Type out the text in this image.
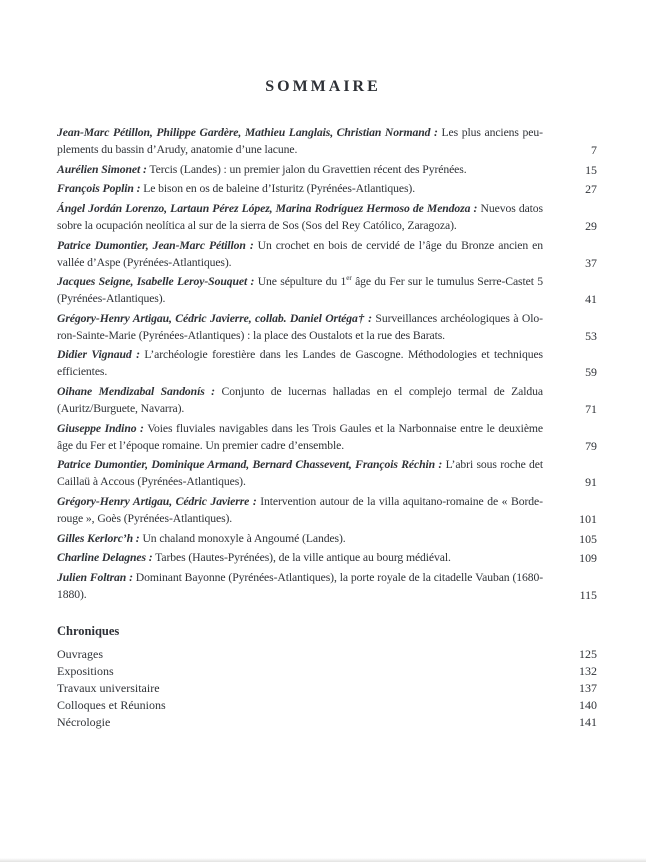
SOMMAIRE
Jean-Marc Pétillon, Philippe Gardère, Mathieu Langlais, Christian Normand : Les plus anciens peuplements du bassin d’Arudy, anatomie d’une lacune.	7
Aurélien Simonet : Tercis (Landes) : un premier jalon du Gravettien récent des Pyrénées.	15
François Poplin : Le bison en os de baleine d’Isturitz (Pyrénées-Atlantiques).	27
Ángel Jordán Lorenzo, Lartaun Pérez López, Marina Rodríguez Hermoso de Mendoza : Nuevos datos sobre la ocupación neolítica al sur de la sierra de Sos (Sos del Rey Católico, Zaragoza).	29
Patrice Dumontier, Jean-Marc Pétillon : Un crochet en bois de cervidé de l’âge du Bronze ancien en vallée d’Aspe (Pyrénées-Atlantiques).	37
Jacques Seigne, Isabelle Leroy-Souquet : Une sépulture du 1er âge du Fer sur le tumulus Serre-Castet 5 (Pyrénées-Atlantiques).	41
Grégory-Henry Artigau, Cédric Javierre, collab. Daniel Ortéga† : Surveillances archéologiques à Oloron-Sainte-Marie (Pyrénées-Atlantiques) : la place des Oustalots et la rue des Barats.	53
Didier Vignaud : L’archéologie forestière dans les Landes de Gascogne. Méthodologies et techniques efficientes.	59
Oihane Mendizabal Sandonís : Conjunto de lucernas halladas en el complejo termal de Zaldua (Auritz/Burguete, Navarra).	71
Giuseppe Indino : Voies fluviales navigables dans les Trois Gaules et la Narbonnaise entre le deuxième âge du Fer et l’époque romaine. Un premier cadre d’ensemble.	79
Patrice Dumontier, Dominique Armand, Bernard Chassevent, François Réchin : L’abri sous roche det Caillaü à Accous (Pyrénées-Atlantiques).	91
Grégory-Henry Artigau, Cédric Javierre : Intervention autour de la villa aquitano-romaine de « Borderouge », Goès (Pyrénées-Atlantiques).	101
Gilles Kerlorc’h : Un chaland monoxyle à Angoumé (Landes).	105
Charline Delagnes : Tarbes (Hautes-Pyrénées), de la ville antique au bourg médiéval.	109
Julien Foltran : Dominant Bayonne (Pyrénées-Atlantiques), la porte royale de la citadelle Vauban (1680-1880).	115
Chroniques
Ouvrages	125
Expositions	132
Travaux universitaire	137
Colloques et Réunions	140
Nécrologie	141
